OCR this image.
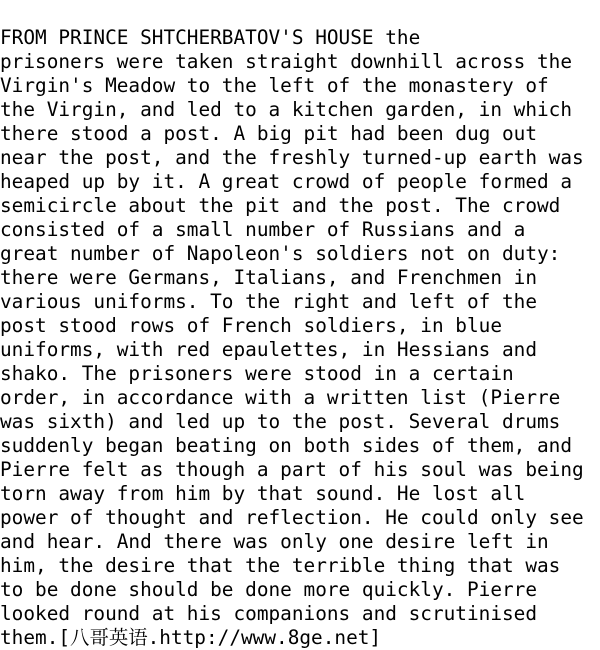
FROM PRINCE SHTCHERBATOV'S HOUSE the
prisoners were taken straight downhill across the
Virgin's Meadow to the left of the monastery of
the Virgin, and led to a kitchen garden, in which
there stood a post. A big pit had been dug out
near the post, and the freshly turned-up earth was
heaped up by it. A great crowd of people formed a
semicircle about the pit and the post. The crowd
consisted of a small number of Russians and a
great number of Napoleon's soldiers not on duty:
there were Germans, Italians, and Frenchmen in
various uniforms. To the right and left of the
post stood rows of French soldiers, in blue
uniforms, with red epaulettes, in Hessians and
shako. The prisoners were stood in a certain
order, in accordance with a written list (Pierre
was sixth) and led up to the post. Several drums
suddenly began beating on both sides of them, and
Pierre felt as though a part of his soul was being
torn away from him by that sound. He lost all
power of thought and reflection. He could only see
and hear. And there was only one desire left in
him, the desire that the terrible thing that was
to be done should be done more quickly. Pierre
looked round at his companions and scrutinised
them.[八哥英语.http://www.8ge.net]
